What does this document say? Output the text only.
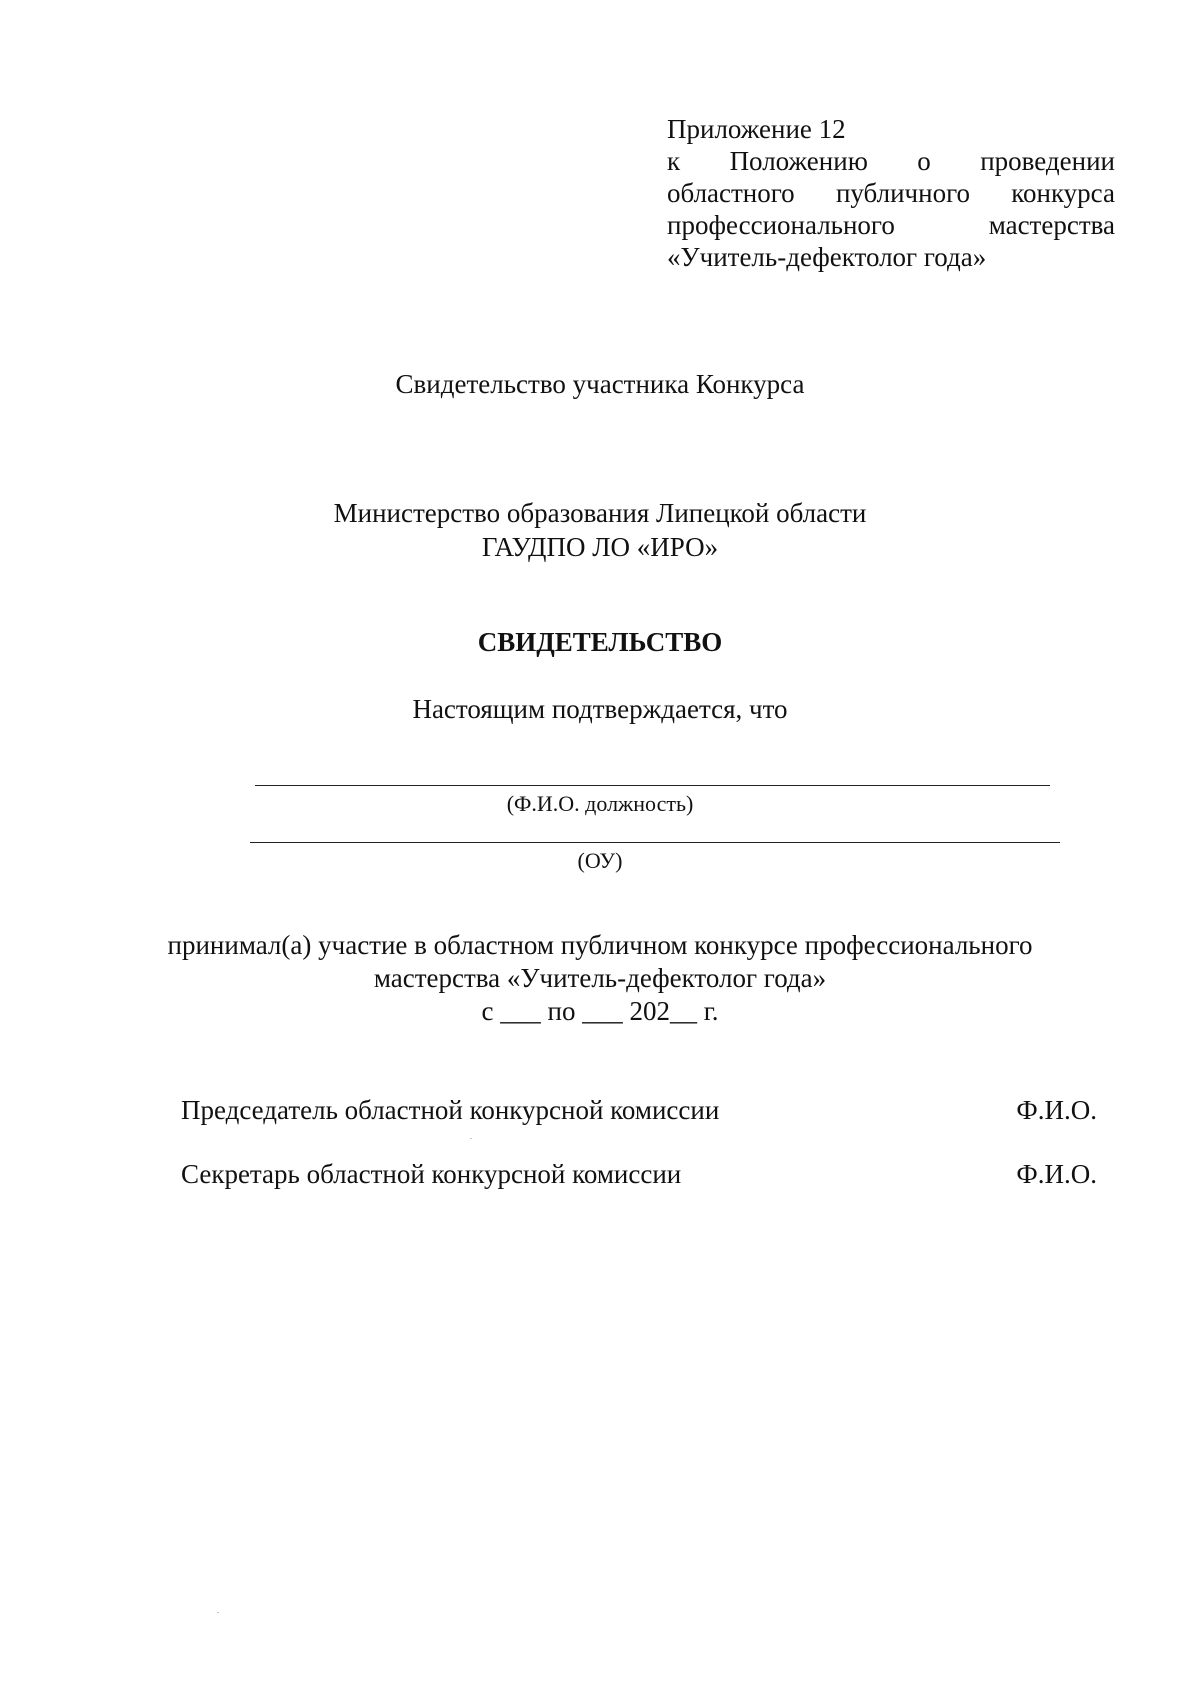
Приложение 12
к Положению о проведении
областного публичного конкурса
профессионального	мастерства
«Учитель-дефектолог года»
Свидетельство участника Конкурса
Министерство образования Липецкой области
ГАУДПО ЛО «ИРО»
СВИДЕТЕЛЬСТВО
Настоящим подтверждается, что
(Ф.И.О. должность)
(ОУ)
принимал(а) участие в областном публичном конкурсе профессионального
мастерства «Учитель-дефектолог года»
с ___ по ___ 202__ г.
Председатель областной конкурсной комиссии	Ф.И.О.
Секретарь областной конкурсной комиссии	Ф.И.О.
